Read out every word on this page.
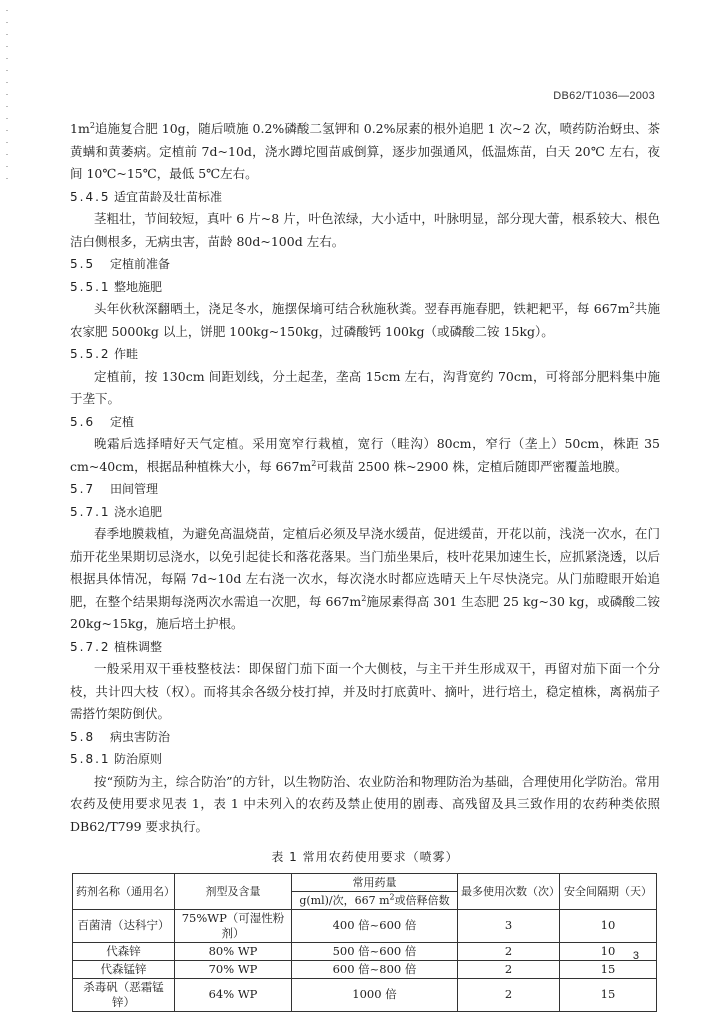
DB62/T1036—2003

$1m^2$追施复合肥 10g，随后喷施 0.2%磷酸二氢钾和 0.2%尿素的根外追肥 1 次~2 次，喷药防治蚜虫、茶黄螨和黄萎病。定植前 7d~10d，浇水蹲坨囤苗戚倒算，逐步加强通风，低温炼苗，白天 20℃ 左右，夜间 10℃~15℃，最低 5℃左右。

5.4.5 适宜苗龄及壮苗标准

茎粗壮，节间较短，真叶 6 片~8 片，叶色浓绿，大小适中，叶脉明显，部分现大蕾，根系较大、根色洁白侧根多，无病虫害，苗龄 80d~100d 左右。

5.5 定植前准备

5.5.1 整地施肥

头年伙秋深翻晒土，浇足冬水，施摆保墒可结合秋施秋粪。翌春再施春肥，铁耙耙平，每 $667m^2$共施农家肥 5000kg 以上，饼肥 100kg~150kg，过磷酸钙 100kg（或磷酸二铵 15kg）。

5.5.2 作畦

定植前，按 130cm 间距划线，分土起垄，垄高 15cm 左右，沟背宽约 70cm，可将部分肥料集中施于垄下。

5.6 定植

晚霜后选择晴好天气定植。采用宽窄行栽植，宽行（畦沟）80cm，窄行（垄上）50cm，株距 35 cm~40cm，根据品种植株大小，每 $667m^2$可栽苗 2500 株~2900 株，定植后随即严密覆盖地膜。

5.7 田间管理

5.7.1 浇水追肥

春季地膜栽植，为避免高温烧苗，定植后必须及早浇水缓苗，促进缓苗，开花以前，浅浇一次水，在门茄开花坐果期切忌浇水，以免引起徒长和落花落果。当门茄坐果后，枝叶花果加速生长，应抓紧浇透，以后根据具体情况，每隔 7d~10d 左右浇一次水，每次浇水时都应选晴天上午尽快浇完。从门茄瞪眼开始追肥，在整个结果期每浇两次水需追一次肥，每 $667m^2$施尿素得高 301 生态肥 25 kg~30 kg，或磷酸二铵 20kg~15kg，施后培土护根。

5.7.2 植株调整

一般采用双干垂枝整枝法：即保留门茄下面一个大侧枝，与主干并生形成双干，再留对茄下面一个分枝，共计四大枝（权）。而将其余各级分枝打掉，并及时打底黄叶、摘叶，进行培土，稳定植株，离祸茄子需搭竹架防倒伏。

5.8 病虫害防治

5.8.1 防治原则

按“预防为主，综合防治”的方针，以生物防治、农业防治和物理防治为基础，合理使用化学防治。常用农药及使用要求见表 1，表 1 中未列入的农药及禁止使用的剧毒、高残留及具三致作用的农药种类依照 DB62/T799 要求执行。

表 1 常用农药使用要求（喷雾）
药剂名称（通用名）	剂型及含量	常用药量	最多使用次数（次）	安全间隔期（天）
		g(ml)/次，667 $m^2$或倍释倍数		
百菌清（达科宁）	75%WP（可湿性粉剂）	400 倍~600 倍	3	10
代森锌	80% WP	500 倍~600 倍	2	10
代森锰锌	70% WP	600 倍~800 倍	2	15
杀毒矾（恶霜锰锌）	64% WP	1000 倍	2	15
3
